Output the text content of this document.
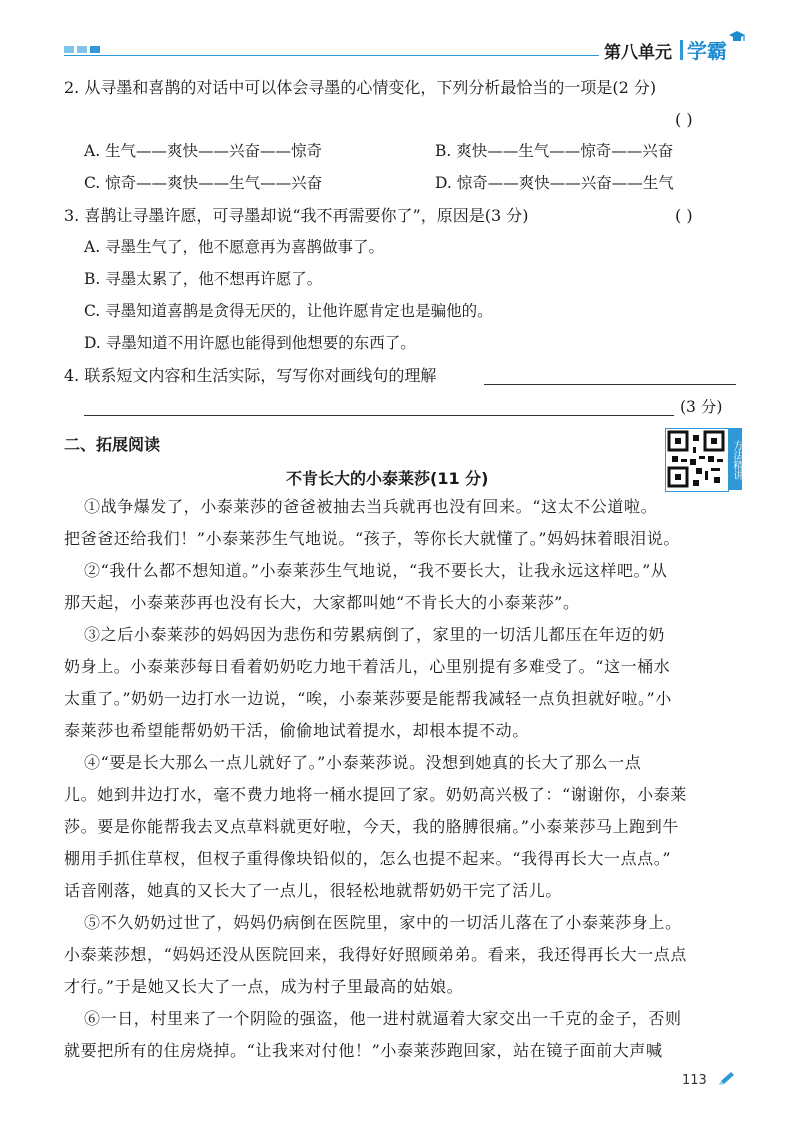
第八单元 学霸
2. 从寻墨和喜鹊的对话中可以体会寻墨的心情变化，下列分析最恰当的一项是(2 分)
( )
A. 生气——爽快——兴奋——惊奇	B. 爽快——生气——惊奇——兴奋
C. 惊奇——爽快——生气——兴奋	D. 惊奇——爽快——兴奋——生气
3. 喜鹊让寻墨许愿，可寻墨却说“我不再需要你了”，原因是(3 分)	( )
A. 寻墨生气了，他不愿意再为喜鹊做事了。
B. 寻墨太累了，他不想再许愿了。
C. 寻墨知道喜鹊是贪得无厌的，让他许愿肯定也是骗他的。
D. 寻墨知道不用许愿也能得到他想要的东西了。
4. 联系短文内容和生活实际，写写你对画线句的理解
(3 分)
二、拓展阅读	方法精讲
不肯长大的小泰莱莎(11 分)
①战争爆发了，小泰莱莎的爸爸被抽去当兵就再也没有回来。“这太不公道啦。
把爸爸还给我们！”小泰莱莎生气地说。“孩子，等你长大就懂了。”妈妈抹着眼泪说。
②“我什么都不想知道。”小泰莱莎生气地说，“我不要长大，让我永远这样吧。”从
那天起，小泰莱莎再也没有长大，大家都叫她“不肯长大的小泰莱莎”。
③之后小泰莱莎的妈妈因为悲伤和劳累病倒了，家里的一切活儿都压在年迈的奶
奶身上。小泰莱莎每日看着奶奶吃力地干着活儿，心里别提有多难受了。“这一桶水
太重了。”奶奶一边打水一边说，“唉，小泰莱莎要是能帮我减轻一点负担就好啦。”小
泰莱莎也希望能帮奶奶干活，偷偷地试着提水，却根本提不动。
④“要是长大那么一点儿就好了。”小泰莱莎说。没想到她真的长大了那么一点
儿。她到井边打水，毫不费力地将一桶水提回了家。奶奶高兴极了：“谢谢你，小泰莱
莎。要是你能帮我去叉点草料就更好啦，今天，我的胳膊很痛。”小泰莱莎马上跑到牛
棚用手抓住草杈，但杈子重得像块铅似的，怎么也提不起来。“我得再长大一点点。”
话音刚落，她真的又长大了一点儿，很轻松地就帮奶奶干完了活儿。
⑤不久奶奶过世了，妈妈仍病倒在医院里，家中的一切活儿落在了小泰莱莎身上。
小泰莱莎想，“妈妈还没从医院回来，我得好好照顾弟弟。看来，我还得再长大一点点
才行。”于是她又长大了一点，成为村子里最高的姑娘。
⑥一日，村里来了一个阴险的强盗，他一进村就逼着大家交出一千克的金子，否则
就要把所有的住房烧掉。“让我来对付他！”小泰莱莎跑回家，站在镜子面前大声喊
113
